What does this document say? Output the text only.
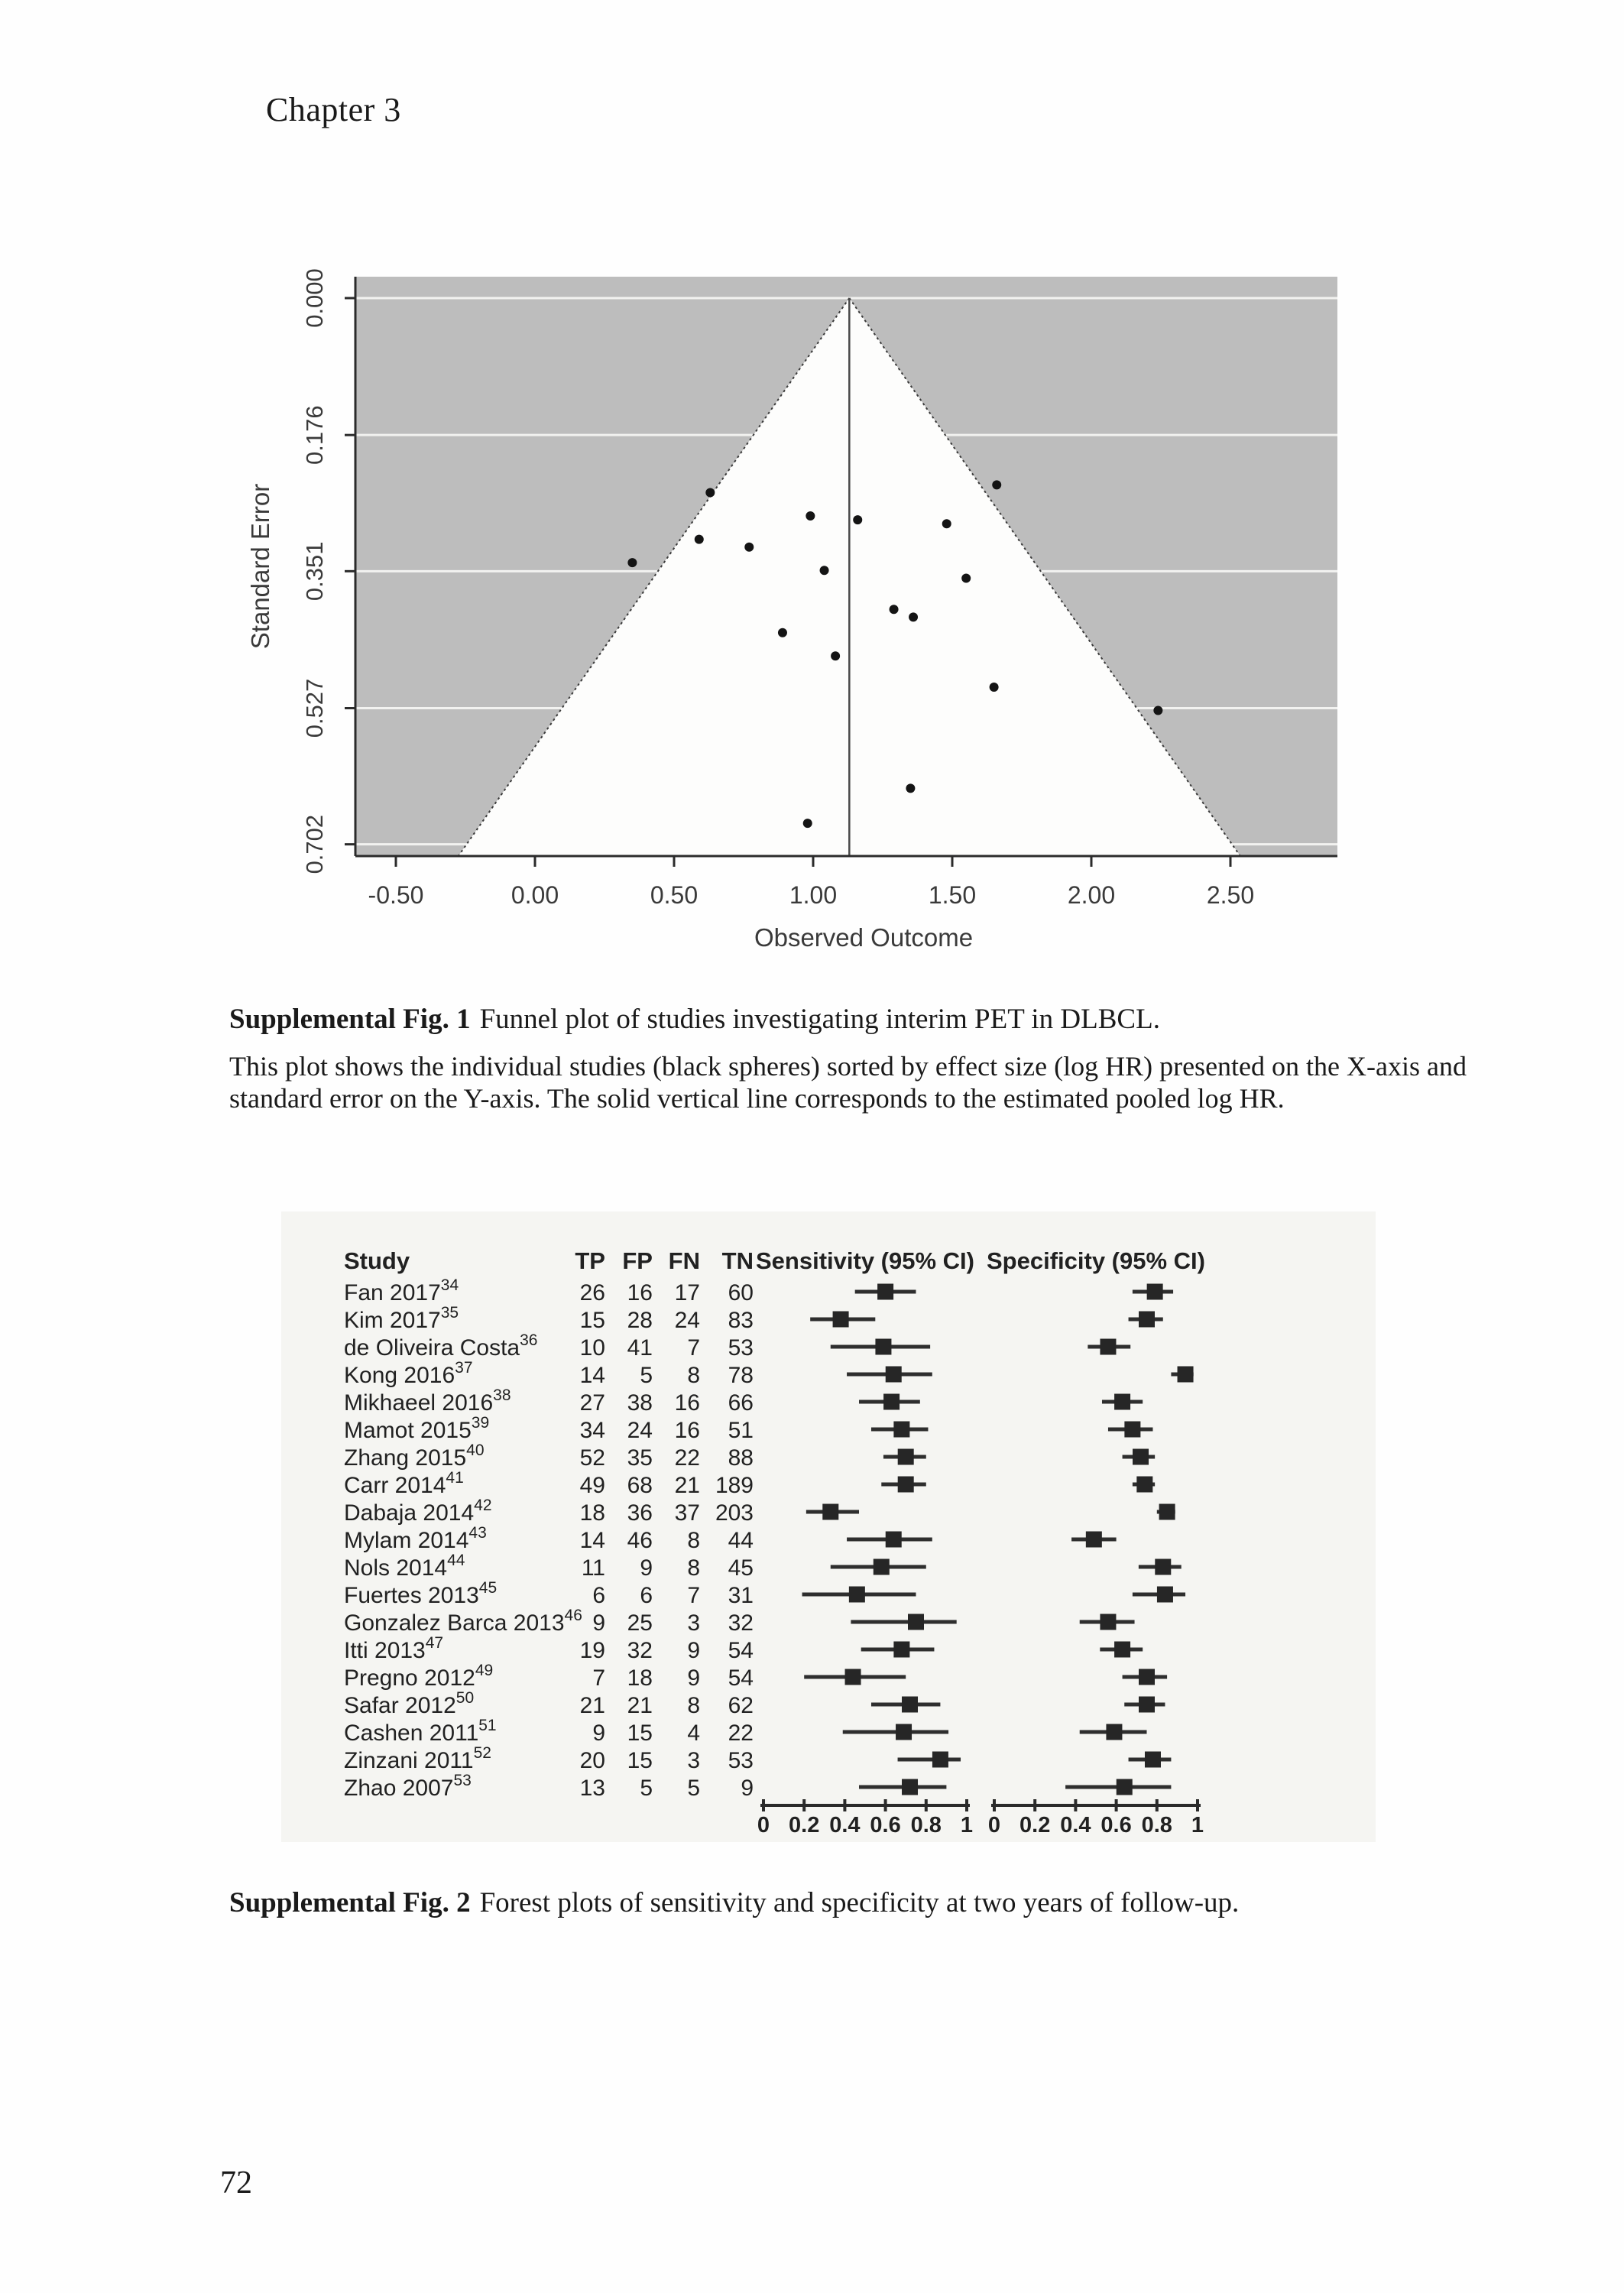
Chapter 3
0.000
0.176
0.351
0.527
0.702
-0.50	0.00	0.50	1.00	1.50	2.00	2.50
Observed Outcome
Standard Error

Supplemental Fig. 1 Funnel plot of studies investigating interim PET in DLBCL.

This plot shows the individual studies (black spheres) sorted by effect size (log HR) presented on the X-axis and standard error on the Y-axis. The solid vertical line corresponds to the estimated pooled log HR.

Study	TP FP FN TN Sensitivity (95% CI) Specificity (95% CI)
Fan 2017$^{34}$	26 16 17 60
Kim 2017$^{35}$	15 28 24 83
de Oliveira Costa$^{36}$ 10 41 7 53
Kong 2016$^{37}$	14 5 8 78
Mikhaeel 2016$^{38}$	27 38 16 66
Mamot 2015$^{39}$	34 24 16 51
Zhang 2015$^{40}$	52 35 22 88
Carr 2014$^{41}$	49 68 21 189
Dabaja 2014$^{42}$	18 36 37 203
Mylam 2014$^{43}$	14 46 8 44
Nols 2014$^{44}$	11 9 8 45
Fuertes 2013$^{45}$	6 6 7 31
Gonzalez Barca 2013$^{46}$ 9 25 3 32
Itti 2013$^{47}$	19 32 9 54
Pregno 2012$^{49}$	7 18 9 54
Safar 2012$^{50}$	21 21 8 62
Cashen 2011$^{51}$	9 15 4 22
Zinzani 2011$^{52}$	20 15 3 53
Zhao 2007$^{53}$	13 5 5 9
0 0.2 0.4 0.6 0.8 1 0 0.2 0.4 0.6 0.8 1

Supplemental Fig. 2 Forest plots of sensitivity and specificity at two years of follow-up.

72
